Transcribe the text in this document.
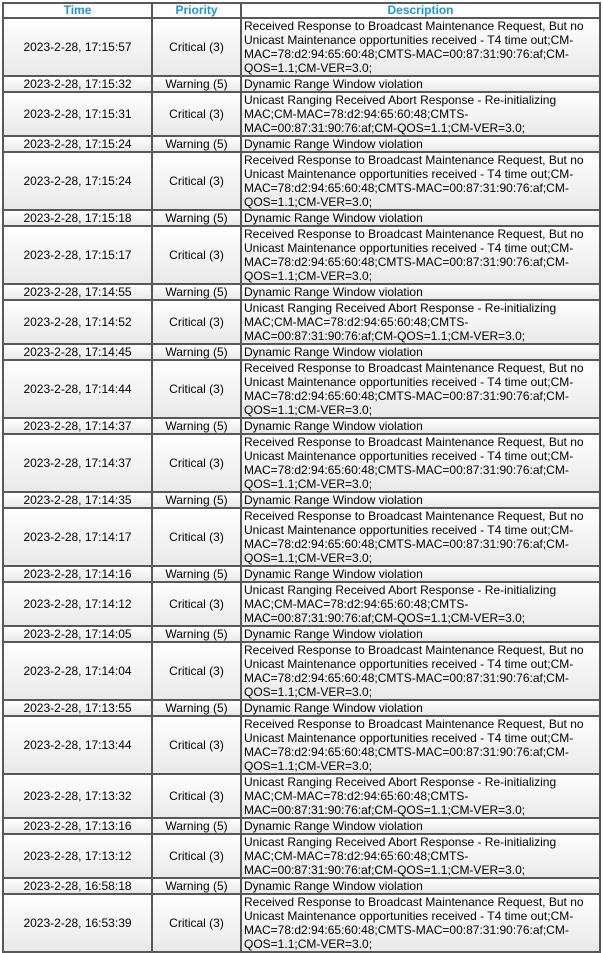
Time	Priority	Description
2023-2-28, 17:15:57	Critical (3)	Received Response to Broadcast Maintenance Request, But no Unicast Maintenance opportunities received - T4 time out;CM-MAC=78:d2:94:65:60:48;CMTS-MAC=00:87:31:90:76:af;CM-QOS=1.1;CM-VER=3.0;
2023-2-28, 17:15:32	Warning (5)	Dynamic Range Window violation
2023-2-28, 17:15:31	Critical (3)	Unicast Ranging Received Abort Response - Re-initializing MAC;CM-MAC=78:d2:94:65:60:48;CMTS-MAC=00:87:31:90:76:af;CM-QOS=1.1;CM-VER=3.0;
2023-2-28, 17:15:24	Warning (5)	Dynamic Range Window violation
2023-2-28, 17:15:24	Critical (3)	Received Response to Broadcast Maintenance Request, But no Unicast Maintenance opportunities received - T4 time out;CM-MAC=78:d2:94:65:60:48;CMTS-MAC=00:87:31:90:76:af;CM-QOS=1.1;CM-VER=3.0;
2023-2-28, 17:15:18	Warning (5)	Dynamic Range Window violation
2023-2-28, 17:15:17	Critical (3)	Received Response to Broadcast Maintenance Request, But no Unicast Maintenance opportunities received - T4 time out;CM-MAC=78:d2:94:65:60:48;CMTS-MAC=00:87:31:90:76:af;CM-QOS=1.1;CM-VER=3.0;
2023-2-28, 17:14:55	Warning (5)	Dynamic Range Window violation
2023-2-28, 17:14:52	Critical (3)	Unicast Ranging Received Abort Response - Re-initializing MAC;CM-MAC=78:d2:94:65:60:48;CMTS-MAC=00:87:31:90:76:af;CM-QOS=1.1;CM-VER=3.0;
2023-2-28, 17:14:45	Warning (5)	Dynamic Range Window violation
2023-2-28, 17:14:44	Critical (3)	Received Response to Broadcast Maintenance Request, But no Unicast Maintenance opportunities received - T4 time out;CM-MAC=78:d2:94:65:60:48;CMTS-MAC=00:87:31:90:76:af;CM-QOS=1.1;CM-VER=3.0;
2023-2-28, 17:14:37	Warning (5)	Dynamic Range Window violation
2023-2-28, 17:14:37	Critical (3)	Received Response to Broadcast Maintenance Request, But no Unicast Maintenance opportunities received - T4 time out;CM-MAC=78:d2:94:65:60:48;CMTS-MAC=00:87:31:90:76:af;CM-QOS=1.1;CM-VER=3.0;
2023-2-28, 17:14:35	Warning (5)	Dynamic Range Window violation
2023-2-28, 17:14:17	Critical (3)	Received Response to Broadcast Maintenance Request, But no Unicast Maintenance opportunities received - T4 time out;CM-MAC=78:d2:94:65:60:48;CMTS-MAC=00:87:31:90:76:af;CM-QOS=1.1;CM-VER=3.0;
2023-2-28, 17:14:16	Warning (5)	Dynamic Range Window violation
2023-2-28, 17:14:12	Critical (3)	Unicast Ranging Received Abort Response - Re-initializing MAC;CM-MAC=78:d2:94:65:60:48;CMTS-MAC=00:87:31:90:76:af;CM-QOS=1.1;CM-VER=3.0;
2023-2-28, 17:14:05	Warning (5)	Dynamic Range Window violation
2023-2-28, 17:14:04	Critical (3)	Received Response to Broadcast Maintenance Request, But no Unicast Maintenance opportunities received - T4 time out;CM-MAC=78:d2:94:65:60:48;CMTS-MAC=00:87:31:90:76:af;CM-QOS=1.1;CM-VER=3.0;
2023-2-28, 17:13:55	Warning (5)	Dynamic Range Window violation
2023-2-28, 17:13:44	Critical (3)	Received Response to Broadcast Maintenance Request, But no Unicast Maintenance opportunities received - T4 time out;CM-MAC=78:d2:94:65:60:48;CMTS-MAC=00:87:31:90:76:af;CM-QOS=1.1;CM-VER=3.0;
2023-2-28, 17:13:32	Critical (3)	Unicast Ranging Received Abort Response - Re-initializing MAC;CM-MAC=78:d2:94:65:60:48;CMTS-MAC=00:87:31:90:76:af;CM-QOS=1.1;CM-VER=3.0;
2023-2-28, 17:13:16	Warning (5)	Dynamic Range Window violation
2023-2-28, 17:13:12	Critical (3)	Unicast Ranging Received Abort Response - Re-initializing MAC;CM-MAC=78:d2:94:65:60:48;CMTS-MAC=00:87:31:90:76:af;CM-QOS=1.1;CM-VER=3.0;
2023-2-28, 16:58:18	Warning (5)	Dynamic Range Window violation
2023-2-28, 16:53:39	Critical (3)	Received Response to Broadcast Maintenance Request, But no Unicast Maintenance opportunities received - T4 time out;CM-MAC=78:d2:94:65:60:48;CMTS-MAC=00:87:31:90:76:af;CM-QOS=1.1;CM-VER=3.0;
